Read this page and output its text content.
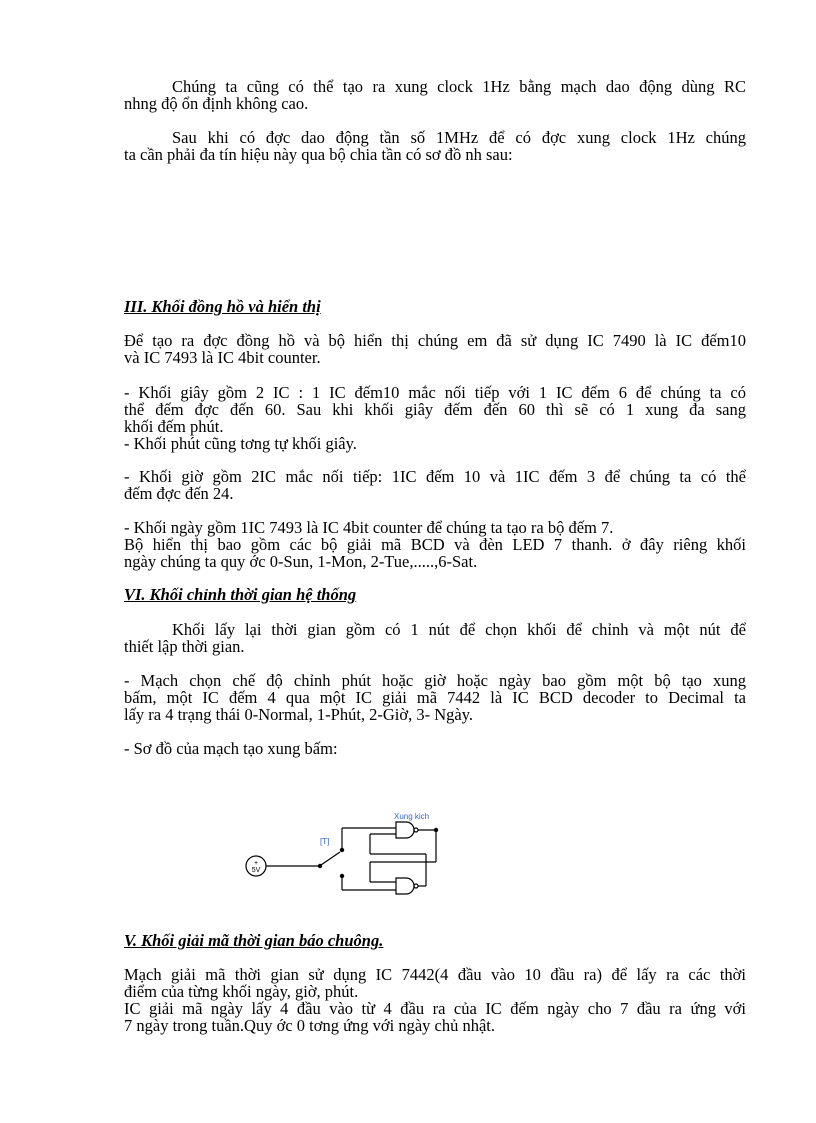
Chúng ta cũng có thể tạo ra xung clock 1Hz bằng mạch dao động dùng RC
nhng độ ổn định không cao.

Sau khi có đợc dao động tần số 1MHz để có đợc xung clock 1Hz chúng
ta cần phải đa tín hiệu này qua bộ chia tần có sơ đồ nh sau:

III. Khối đồng hồ và hiển thị

Để tạo ra đợc đồng hồ và bộ hiển thị chúng em đã sử dụng IC 7490 là IC đếm10
và IC 7493 là IC 4bit counter.

- Khối giây gồm 2 IC : 1 IC đếm10 mắc nối tiếp với 1 IC đếm 6 để chúng ta có
thể đếm đợc đến 60. Sau khi khối giây đếm đến 60 thì sẽ có 1 xung đa sang
khối đếm phút.
- Khối phút cũng tơng tự khối giây.

- Khối giờ gồm 2IC mắc nối tiếp: 1IC đếm 10 và 1IC đếm 3 để chúng ta có thể
đếm đợc đến 24.

- Khối ngày gồm 1IC 7493 là IC 4bit counter để chúng ta tạo ra bộ đếm 7.
Bộ hiển thị bao gồm các bộ giải mã BCD và đèn LED 7 thanh. ở đây riêng khối
ngày chúng ta quy ớc 0-Sun, 1-Mon, 2-Tue,.....,6-Sat.

VI. Khối chỉnh thời gian hệ thống

Khối lấy lại thời gian gồm có 1 nút để chọn khối để chỉnh và một nút để
thiết lập thời gian.

- Mạch chọn chế độ chỉnh phút hoặc giờ hoặc ngày bao gồm một bộ tạo xung
bấm, một IC đếm 4 qua một IC giải mã 7442 là IC BCD decoder to Decimal ta
lấy ra 4 trạng thái 0-Normal, 1-Phút, 2-Giờ, 3- Ngày.

- Sơ đồ của mạch tạo xung bấm:

+
5V
[T]
Xung kich
V. Khối giải mã thời gian báo chuông.

Mạch giải mã thời gian sử dụng IC 7442(4 đầu vào 10 đầu ra) để lấy ra các thời
điểm của từng khối ngày, giờ, phút.
IC giải mã ngày lấy 4 đầu vào từ 4 đầu ra của IC đếm ngày cho 7 đầu ra ứng với
7 ngày trong tuần.Quy ớc 0 tơng ứng với ngày chủ nhật.
